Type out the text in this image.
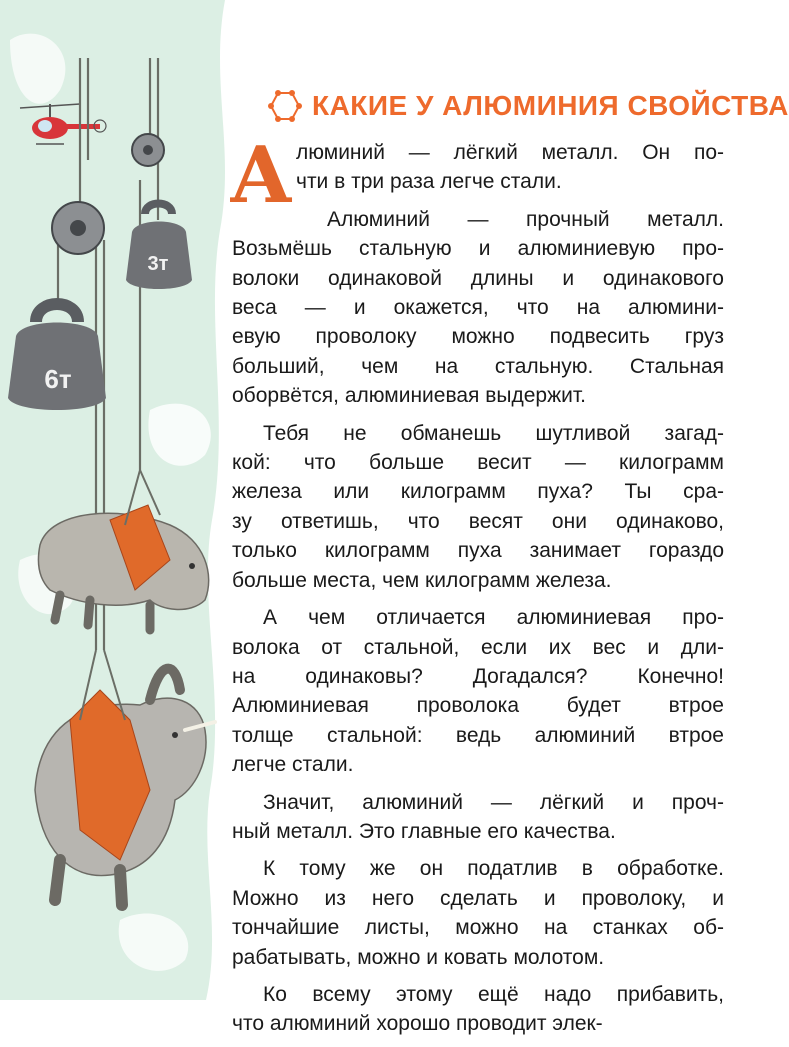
3т
6т
КАКИЕ У АЛЮМИНИЯ СВОЙСТВА
А люминий — лёгкий металл. Он по-
чти в три раза легче стали.
Алюминий — прочный металл.
Возьмёшь стальную и алюминиевую про-
волоки одинаковой длины и одинакового
веса — и окажется, что на алюмини-
евую проволоку можно подвесить груз
больший, чем на стальную. Стальная
оборвётся, алюминиевая выдержит.
Тебя не обманешь шутливой загад-
кой: что больше весит — килограмм
железа или килограмм пуха? Ты сра-
зу ответишь, что весят они одинаково,
только килограмм пуха занимает гораздо
больше места, чем килограмм железа.
А чем отличается алюминиевая про-
волока от стальной, если их вес и дли-
на одинаковы? Догадался? Конечно!
Алюминиевая проволока будет втрое
толще стальной: ведь алюминий втрое
легче стали.
Значит, алюминий — лёгкий и проч-
ный металл. Это главные его качества.
К тому же он податлив в обработке.
Можно из него сделать и проволоку, и
тончайшие листы, можно на станках об-
рабатывать, можно и ковать молотом.
Ко всему этому ещё надо прибавить,
что алюминий хорошо проводит элек-
